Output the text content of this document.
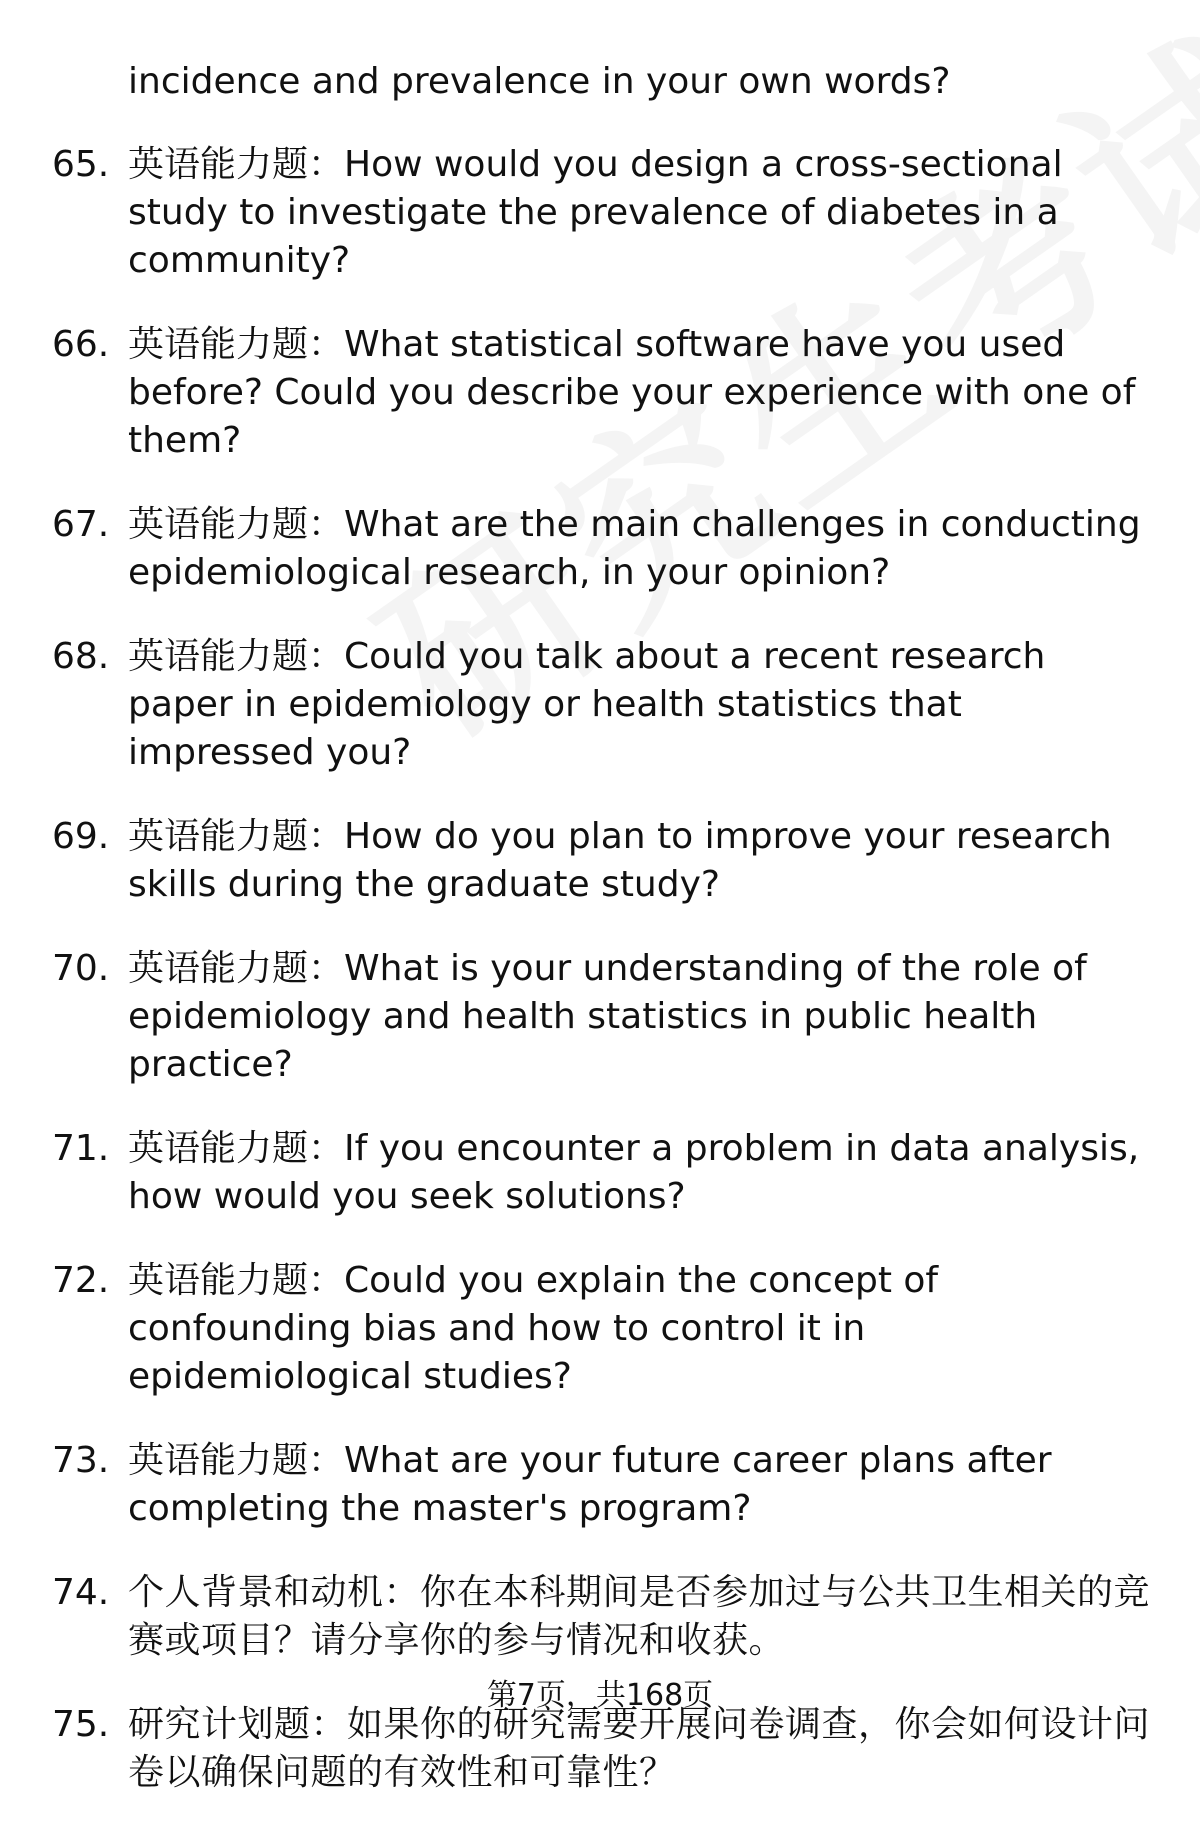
incidence and prevalence in your own words?
65. 英语能力题：How would you design a cross-sectional study to investigate the prevalence of diabetes in a community?
66. 英语能力题：What statistical software have you used before? Could you describe your experience with one of them?
67. 英语能力题：What are the main challenges in conducting epidemiological research, in your opinion?
68. 英语能力题：Could you talk about a recent research paper in epidemiology or health statistics that impressed you?
69. 英语能力题：How do you plan to improve your research skills during the graduate study?
70. 英语能力题：What is your understanding of the role of epidemiology and health statistics in public health practice?
71. 英语能力题：If you encounter a problem in data analysis, how would you seek solutions?
72. 英语能力题：Could you explain the concept of confounding bias and how to control it in epidemiological studies?
73. 英语能力题：What are your future career plans after completing the master's program?
74. 个人背景和动机：你在本科期间是否参加过与公共卫生相关的竞赛或项目？请分享你的参与情况和收获。
75. 研究计划题：如果你的研究需要开展问卷调查，你会如何设计问卷以确保问题的有效性和可靠性？
第7页，共168页
